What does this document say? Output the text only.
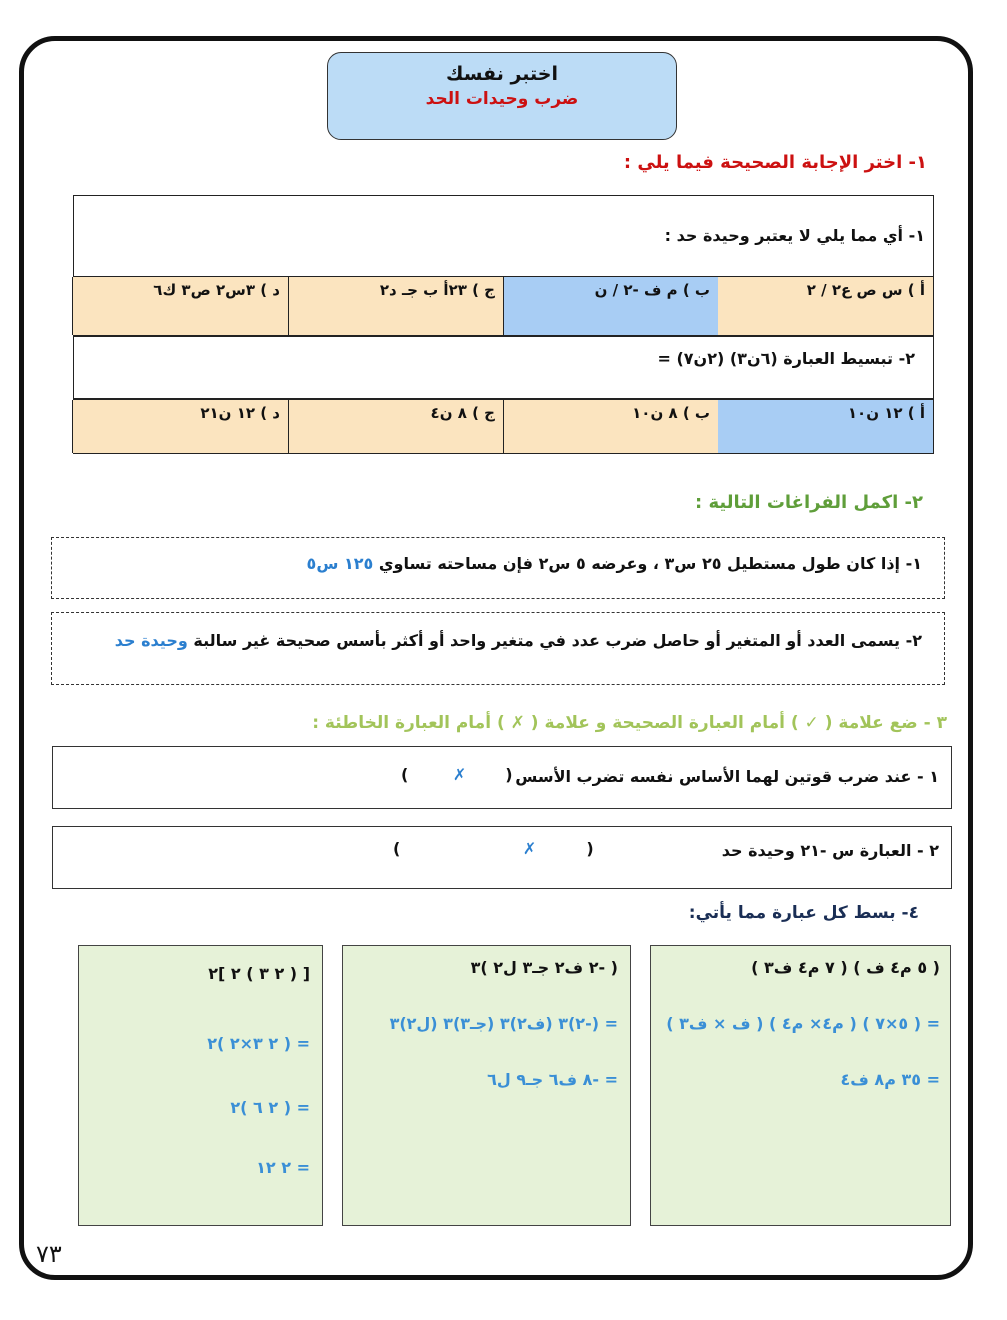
اختبر نفسك
ضرب وحيدات الحد
١- اختر الإجابة الصحيحة فيما يلي :
١- أي مما يلي لا يعتبر وحيدة حد :
أ ) س ص ع٢ / ٢
ب ) م ف -٢ / ن
ج ) ٢٣أ ب جـ د٢
د ) ٣س٢ ص٣ ك٦
٢- تبسيط العبارة (٦ن٣) (٢ن٧) =
أ ) ١٢ ن١٠
ب ) ٨ ن١٠
ج ) ٨ ن٤
د ) ١٢ ن٢١
٢- اكمل الفراغات التالية :
١- إذا كان طول مستطيل ٢٥ س٣ ، وعرضه ٥ س٢ فإن مساحته تساوي ١٢٥ س٥
٢- يسمى العدد أو المتغير أو حاصل ضرب عدد في متغير واحد أو أكثر بأسس صحيحة غير سالبة وحيدة حد
٣ - ضع علامة ( ✓ ) أمام العبارة الصحيحة و علامة ( ✗ ) أمام العبارة الخاطئة :
١ - عند ضرب قوتين لهما الأساس نفسه تضرب الأسس
(       ✗        )
٢ - العبارة س -٢١ وحيدة حد
(         ✗                      )
٤- بسط كل عبارة مما يأتي:
( ٥ م٤ ف ) ( ٧ م٤ ف٣ )
= ( ٥×٧ ) ( م٤× م٤ ) ( ف × ف٣ )
= ٣٥ م٨ ف٤
( -٢ ف٢ جـ٣ ل٢ )٣
= (-٢)٣ (ف٢)٣ (جـ٣)٣ (ل٢)٣
= -٨ ف٦ جـ٩ ل٦
[ ( ٢ ٣ ) ٢ ]٢
= ( ٢ ٣×٢ )٢
= ( ٢ ٦ )٢
= ٢ ١٢
٧٣
